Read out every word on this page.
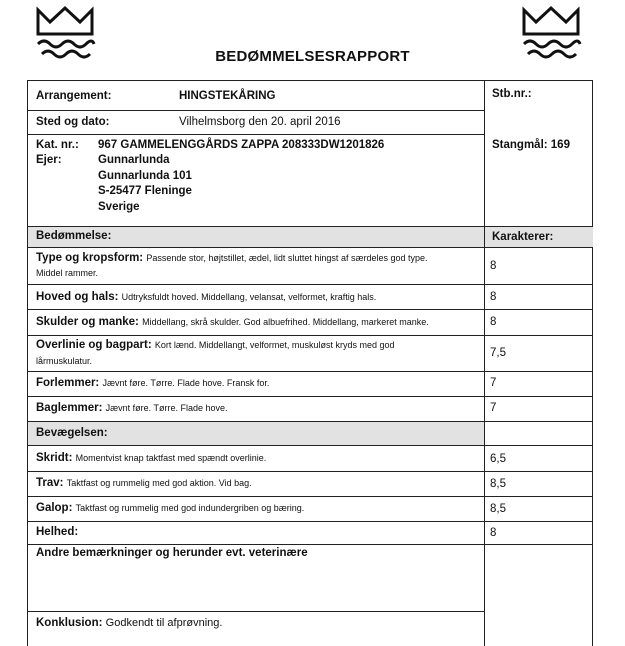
BEDØMMELSESRAPPORT
Arrangement:	HINGSTEKÅRING	Stb.nr.:
Sted og dato:	Vilhelmsborg den 20. april 2016
Kat. nr.: 967 GAMMELENGGÅRDS ZAPPA 208333DW1201826
Ejer:	Gunnarlunda
Gunnarlunda 101
S-25477 Fleninge
Sverige
Stangmål: 169
Bedømmelse:	Karakterer:
Type og kropsform: Passende stor, højtstillet, ædel, lidt sluttet hingst af særdeles god type.
Middel rammer.
8
Hoved og hals: Udtryksfuldt hoved. Middellang, velansat, velformet, kraftig hals.	8
Skulder og manke: Middellang, skrå skulder. God albuefrihed. Middellang, markeret manke.	8
Overlinie og bagpart: Kort lænd. Middellangt, velformet, muskuløst kryds med god
lårmuskulatur.
7,5
Forlemmer: Jævnt føre. Tørre. Flade hove. Fransk for.	7
Baglemmer: Jævnt føre. Tørre. Flade hove.	7
Bevægelsen:
Skridt: Momentvist knap taktfast med spændt overlinie.	6,5
Trav: Taktfast og rummelig med god aktion. Vid bag.	8,5
Galop: Taktfast og rummelig med god indundergriben og bæring.	8,5
Helhed:	8
Andre bemærkninger og herunder evt. veterinære
Konklusion: Godkendt til afprøvning.
